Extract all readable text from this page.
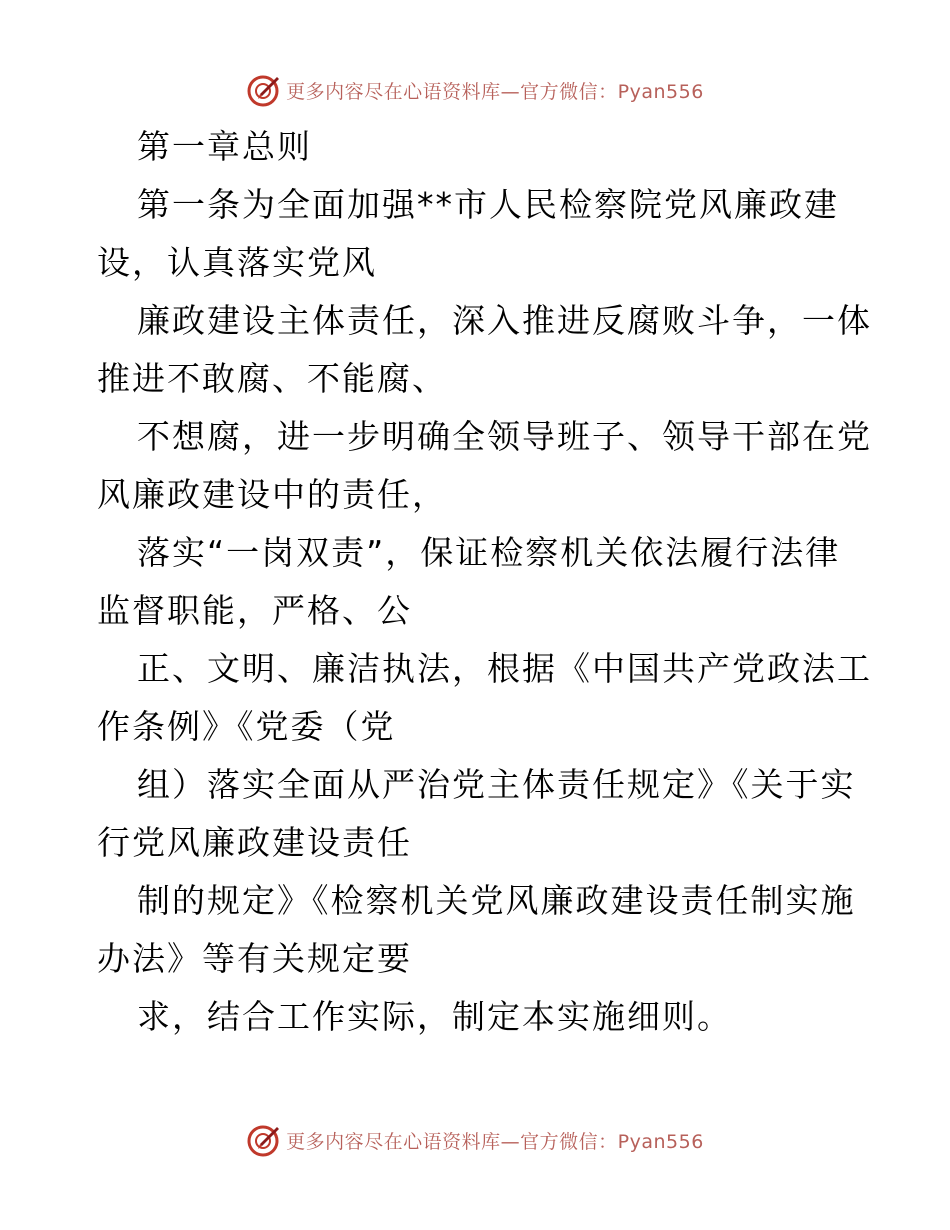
更多内容尽在心语资料库—官方微信：Pyan556

第一章总则

第一条为全面加强**市人民检察院党风廉政建

设，认真落实党风

廉政建设主体责任，深入推进反腐败斗争，一体

推进不敢腐、不能腐、

不想腐，进一步明确全领导班子、领导干部在党

风廉政建设中的责任，

落实“一岗双责”，保证检察机关依法履行法律

监督职能，严格、公

正、文明、廉洁执法，根据《中国共产党政法工

作条例》《党委（党

组）落实全面从严治党主体责任规定》《关于实

行党风廉政建设责任

制的规定》《检察机关党风廉政建设责任制实施

办法》等有关规定要

求，结合工作实际，制定本实施细则。

更多内容尽在心语资料库—官方微信：Pyan556
